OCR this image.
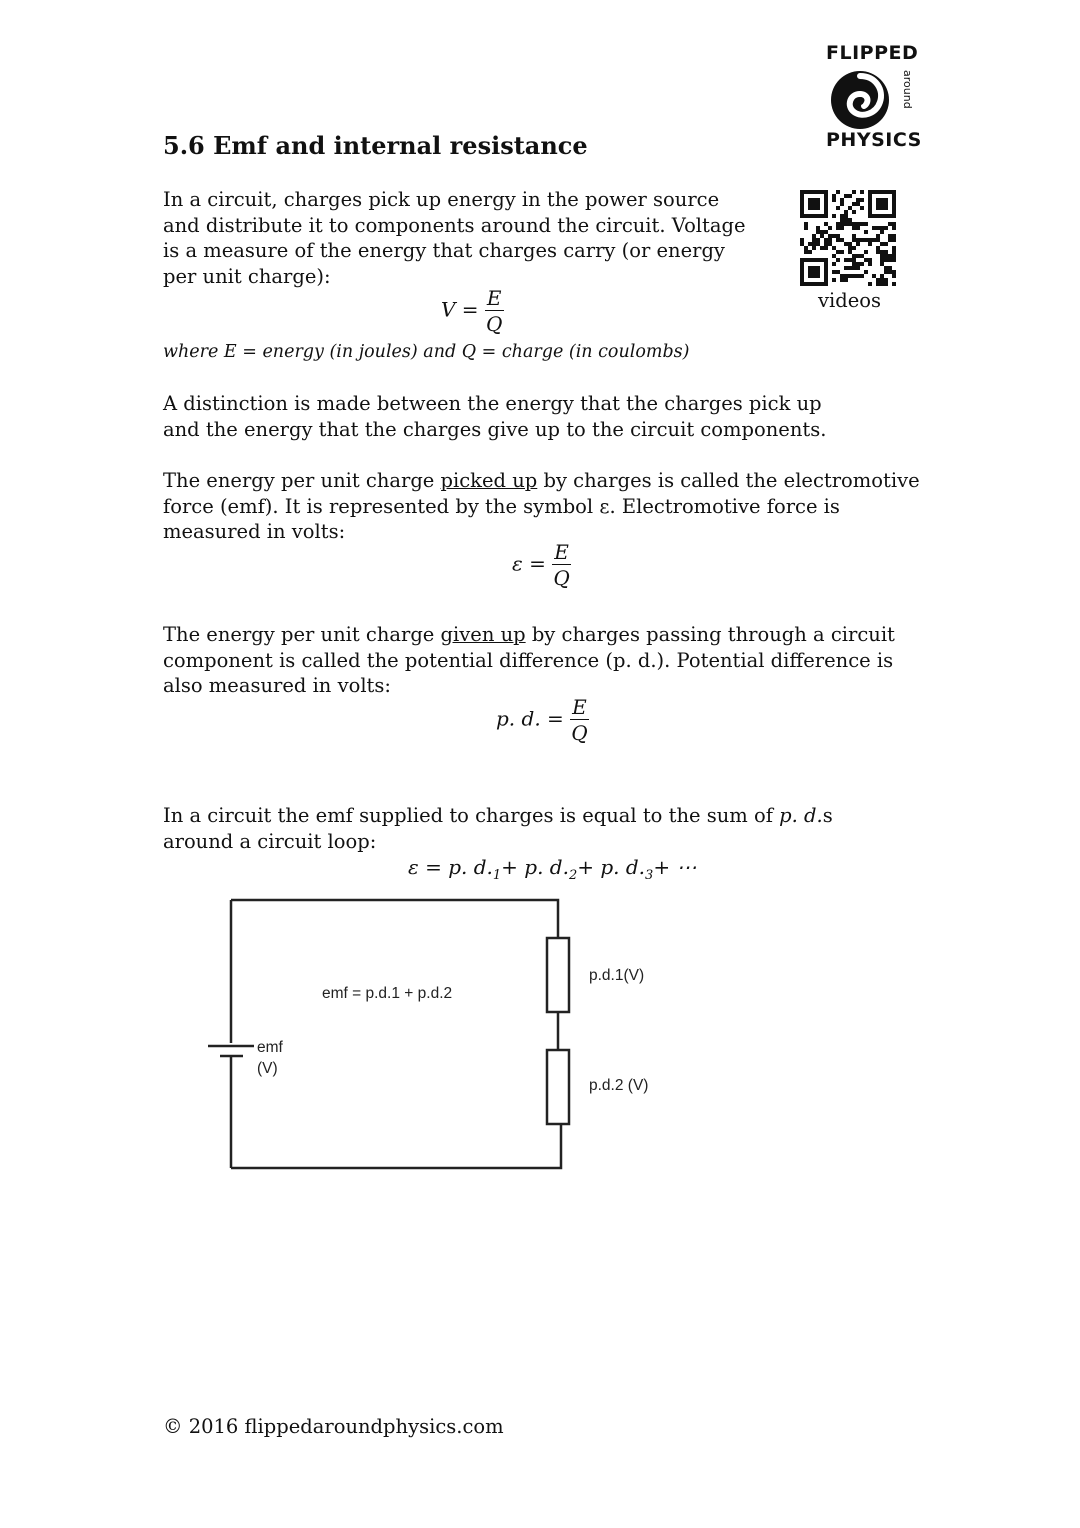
FLIPPED
around
PHYSICS
5.6 Emf and internal resistance
videos
In a circuit, charges pick up energy in the power source and distribute it to components around the circuit. Voltage is a measure of the energy that charges carry (or energy per unit charge):
$V = \frac{E}{Q}$
where E = energy (in joules) and Q = charge (in coulombs)
A distinction is made between the energy that the charges pick up and the energy that the charges give up to the circuit components.
The energy per unit charge picked up by charges is called the electromotive force (emf). It is represented by the symbol ε. Electromotive force is measured in volts:
$\varepsilon = \frac{E}{Q}$
The energy per unit charge given up by charges passing through a circuit component is called the potential difference (p. d.). Potential difference is also measured in volts:
p. d. = $\frac{E}{Q}$
In a circuit the emf supplied to charges is equal to the sum of p. d.s around a circuit loop:
ε = p. $d._1+ p$. $d._2+ p$. $d._3+$ ⋯
emf = p.d.1 + p.d.2
emf
(V)
p.d.1(V)
p.d.2 (V)
© 2016 flippedaroundphysics.com
